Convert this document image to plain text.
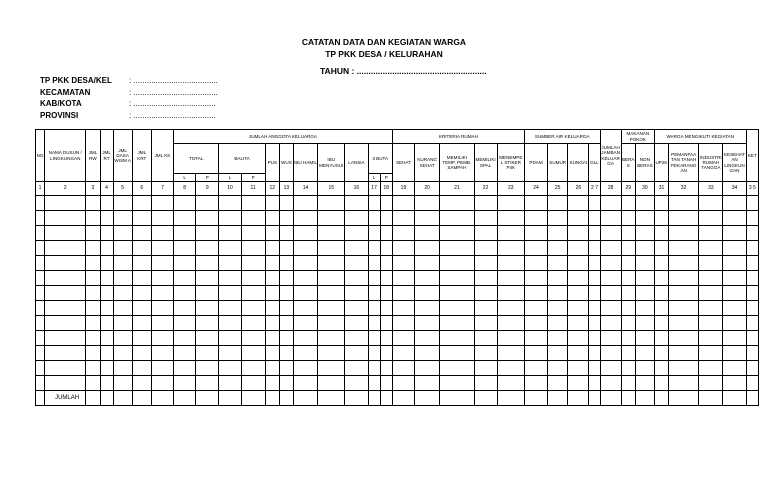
CATATAN DATA DAN KEGIATAN WARGA
TP PKK DESA / KELURAHAN
TAHUN : .......................................................
TP PKK DESA/KEL : ......................................
KECAMATAN	: ......................................
KAB/KOTA	: .....................................
PROVINSI	: .....................................
NO	NAMA DUSUN / LINGKUNGAN	JML RW	JML RT	JML DASA WISM A	JML KRT	JML KK	JUMLAH ANGGOTA KELUARGA											KRITERIA RUMAH					SUMBER AIR KELUARGA				JUMLAH JAMBAN KELUAR GA	MAKANAN POKOK		WARGA MENGIKUTI KEGIATAN				KET
							TOTAL		BALITA		PUS	WUS	IBU HAMIL	IBU MENYUSUI	LANSIA	3 BUTA		SEHAT	KURANG SEHAT	MEMILIKI TEMP. PEMB. SAMPAH	MEMILIKI SPAL	MENEMPE L STIKER P4K	PDAM	SUMUR	SUNGAI	DLL		BERA S	NON BERAS	UP2K	PEMANFAA TAN TANAH PEKARANG AN	INDUSTRI RUMAH TANGGA	KESEHAT AN LINGKUN GAN	
							L	P	L	P						L	P																	
1	2	3	4	5	6	7	8	9	10	11	12	13	14	15	16	17	18	19	20	21	22	23	24	25	26	2 7	28	29	30	31	32	33	34	3 5

	JUMLAH																																	
